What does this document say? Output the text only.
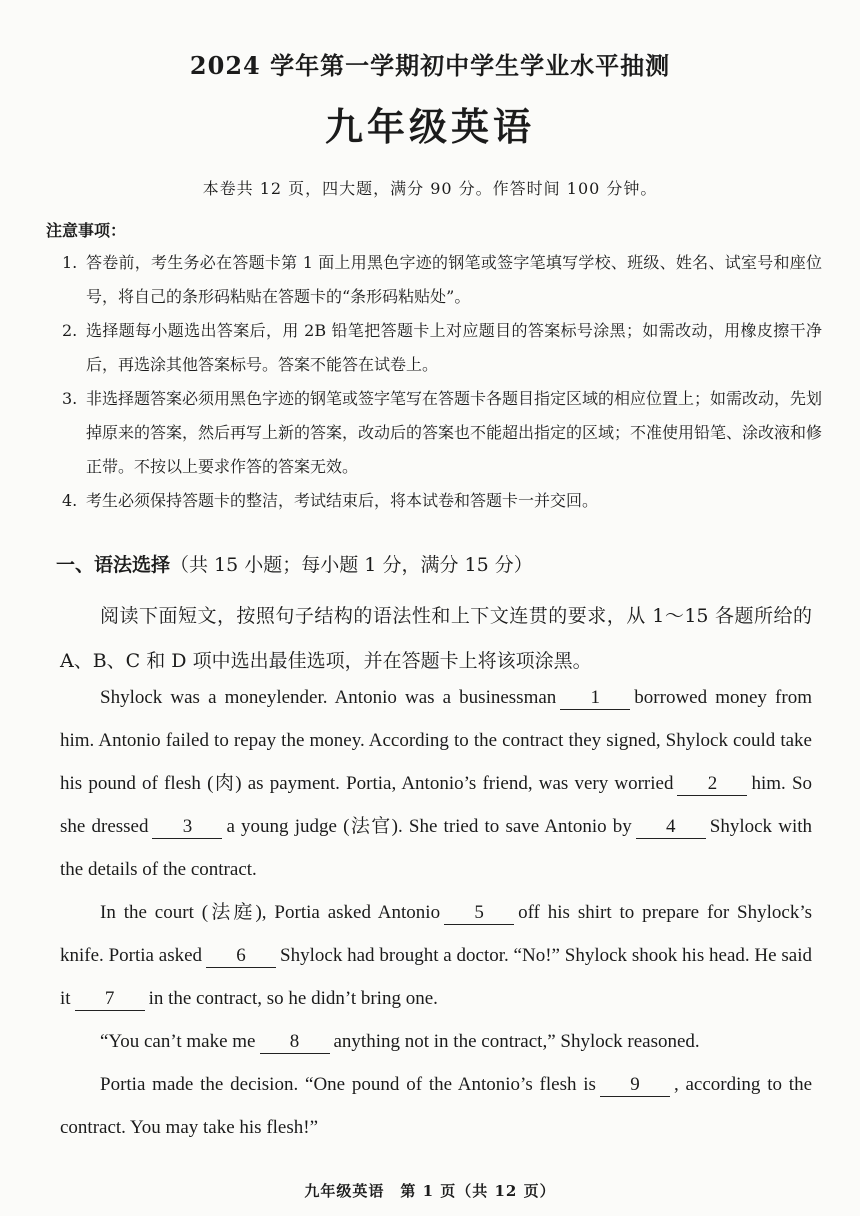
2024 学年第一学期初中学生学业水平抽测
九年级英语
本卷共 12 页，四大题，满分 90 分。作答时间 100 分钟。
注意事项：
1. 答卷前，考生务必在答题卡第 1 面上用黑色字迹的钢笔或签字笔填写学校、班级、姓名、试室号和座位号，将自己的条形码粘贴在答题卡的“条形码粘贴处”。
2. 选择题每小题选出答案后，用 2B 铅笔把答题卡上对应题目的答案标号涂黑；如需改动，用橡皮擦干净后，再选涂其他答案标号。答案不能答在试卷上。
3. 非选择题答案必须用黑色字迹的钢笔或签字笔写在答题卡各题目指定区域的相应位置上；如需改动，先划掉原来的答案，然后再写上新的答案，改动后的答案也不能超出指定的区域；不准使用铅笔、涂改液和修正带。不按以上要求作答的答案无效。
4. 考生必须保持答题卡的整洁，考试结束后，将本试卷和答题卡一并交回。
一、语法选择（共 15 小题；每小题 1 分，满分 15 分）
阅读下面短文，按照句子结构的语法性和上下文连贯的要求，从 1～15 各题所给的 A、B、C 和 D 项中选出最佳选项，并在答题卡上将该项涂黑。

Shylock was a moneylender. Antonio was a businessman 1 borrowed money from him. Antonio failed to repay the money. According to the contract they signed, Shylock could take his pound of flesh (肉) as payment. Portia, Antonio’s friend, was very worried 2 him. So she dressed 3 a young judge (法官). She tried to save Antonio by 4 Shylock with the details of the contract.

In the court (法庭), Portia asked Antonio 5 off his shirt to prepare for Shylock’s knife. Portia asked 6 Shylock had brought a doctor. “No!” Shylock shook his head. He said it 7 in the contract, so he didn’t bring one.

“You can’t make me 8 anything not in the contract,” Shylock reasoned.

Portia made the decision. “One pound of the Antonio’s flesh is 9 , according to the contract. You may take his flesh!”

九年级英语　第 1 页（共 12 页）
